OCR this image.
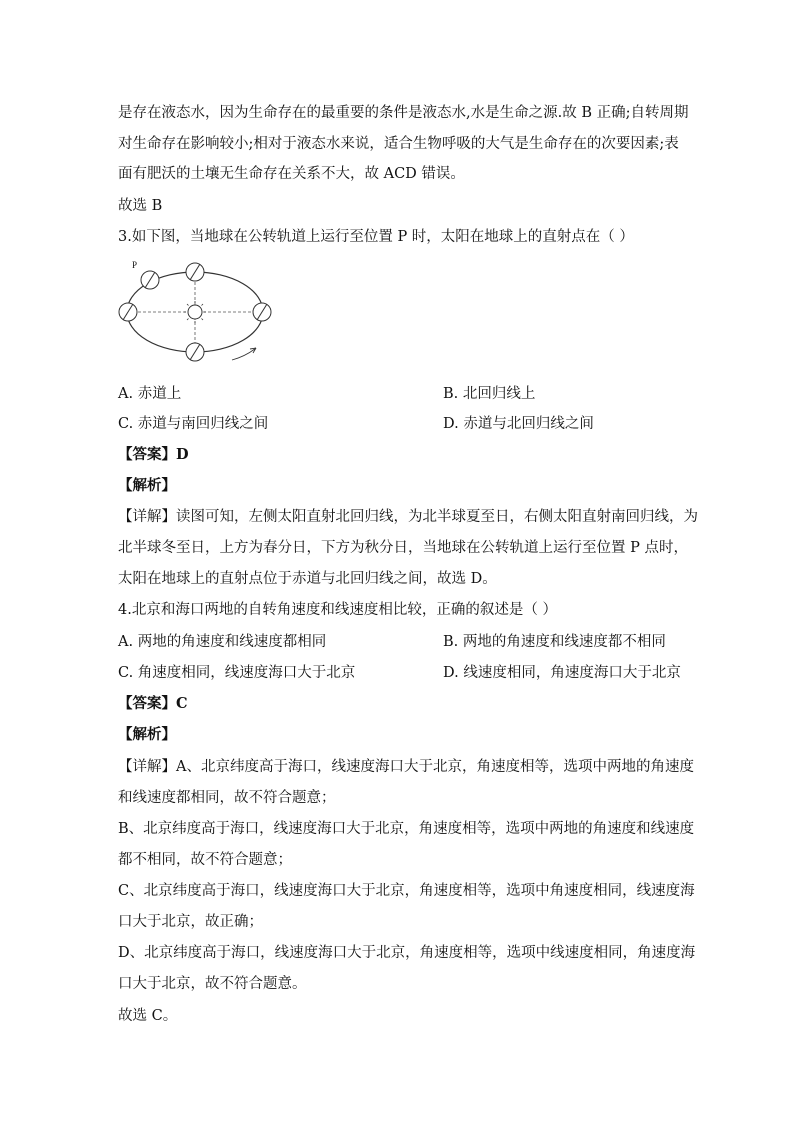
是存在液态水，因为生命存在的最重要的条件是液态水,水是生命之源.故 B 正确;自转周期
对生命存在影响较小;相对于液态水来说，适合生物呼吸的大气是生命存在的次要因素;表
面有肥沃的土壤无生命存在关系不大，故 ACD 错误。
故选 B
3.如下图，当地球在公转轨道上运行至位置 P 时，太阳在地球上的直射点在（ ）
P
A. 赤道上	B. 北回归线上
C. 赤道与南回归线之间	D. 赤道与北回归线之间
【答案】D
【解析】
【详解】读图可知，左侧太阳直射北回归线，为北半球夏至日，右侧太阳直射南回归线，为
北半球冬至日，上方为春分日，下方为秋分日，当地球在公转轨道上运行至位置 P 点时，
太阳在地球上的直射点位于赤道与北回归线之间，故选 D。
4.北京和海口两地的自转角速度和线速度相比较，正确的叙述是（ ）
A. 两地的角速度和线速度都相同	B. 两地的角速度和线速度都不相同
C. 角速度相同，线速度海口大于北京	D. 线速度相同，角速度海口大于北京
【答案】C
【解析】
【详解】A、北京纬度高于海口，线速度海口大于北京，角速度相等，选项中两地的角速度
和线速度都相同，故不符合题意；
B、北京纬度高于海口，线速度海口大于北京，角速度相等，选项中两地的角速度和线速度
都不相同，故不符合题意；
C、北京纬度高于海口，线速度海口大于北京，角速度相等，选项中角速度相同，线速度海
口大于北京，故正确；
D、北京纬度高于海口，线速度海口大于北京，角速度相等，选项中线速度相同，角速度海
口大于北京，故不符合题意。
故选 C。
